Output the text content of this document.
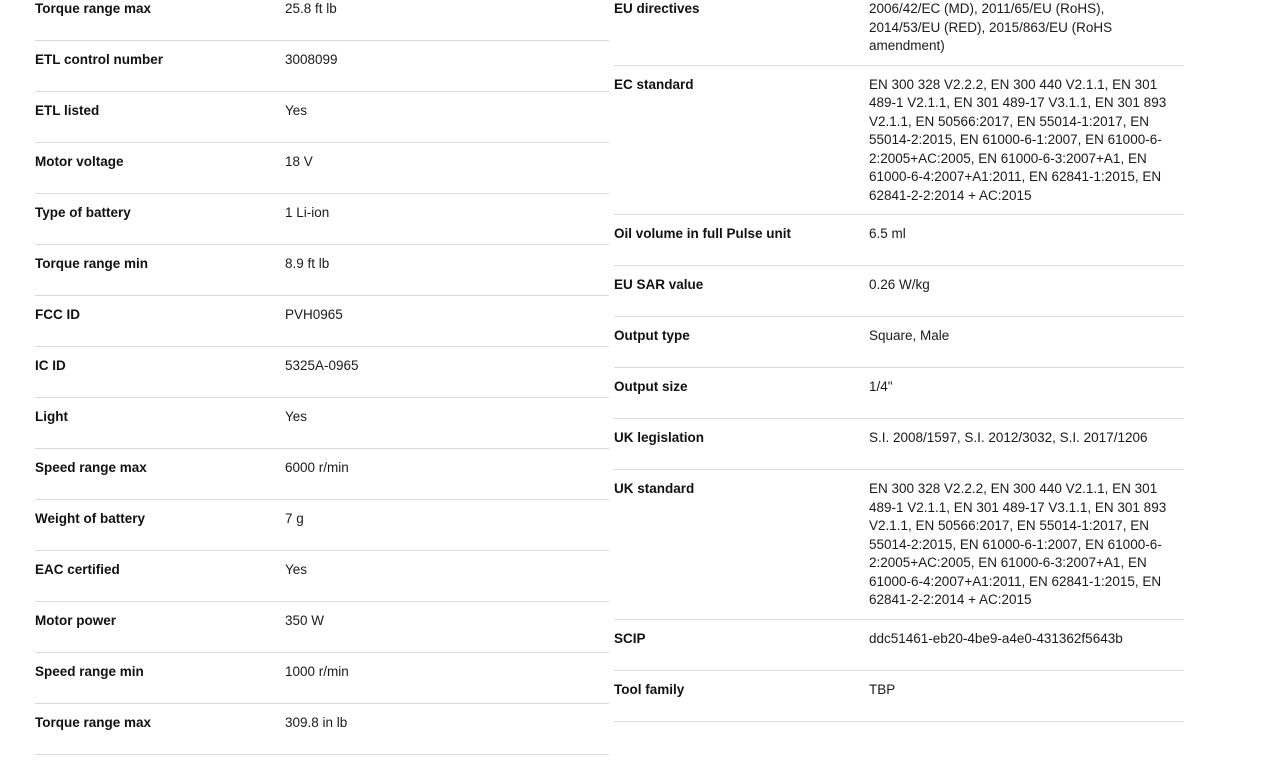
Torque range max	25.8 ft lb
ETL control number	3008099
ETL listed	Yes
Motor voltage	18 V
Type of battery	1 Li-ion
Torque range min	8.9 ft lb
FCC ID	PVH0965
IC ID	5325A-0965
Light	Yes
Speed range max	6000 r/min
Weight of battery	7 g
EAC certified	Yes
Motor power	350 W
Speed range min	1000 r/min
Torque range max	309.8 in lb
EU directives	2006/42/EC (MD), 2011/65/EU (RoHS), 2014/53/EU (RED), 2015/863/EU (RoHS amendment)
EC standard	EN 300 328 V2.2.2, EN 300 440 V2.1.1, EN 301 489-1 V2.1.1, EN 301 489-17 V3.1.1, EN 301 893 V2.1.1, EN 50566:2017, EN 55014-1:2017, EN 55014-2:2015, EN 61000-6-1:2007, EN 61000-6-2:2005+AC:2005, EN 61000-6-3:2007+A1, EN 61000-6-4:2007+A1:2011, EN 62841-1:2015, EN 62841-2-2:2014 + AC:2015
Oil volume in full Pulse unit	6.5 ml
EU SAR value	0.26 W/kg
Output type	Square, Male
Output size	1/4"
UK legislation	S.I. 2008/1597, S.I. 2012/3032, S.I. 2017/1206
UK standard	EN 300 328 V2.2.2, EN 300 440 V2.1.1, EN 301 489-1 V2.1.1, EN 301 489-17 V3.1.1, EN 301 893 V2.1.1, EN 50566:2017, EN 55014-1:2017, EN 55014-2:2015, EN 61000-6-1:2007, EN 61000-6-2:2005+AC:2005, EN 61000-6-3:2007+A1, EN 61000-6-4:2007+A1:2011, EN 62841-1:2015, EN 62841-2-2:2014 + AC:2015
SCIP	ddc51461-eb20-4be9-a4e0-431362f5643b
Tool family	TBP
